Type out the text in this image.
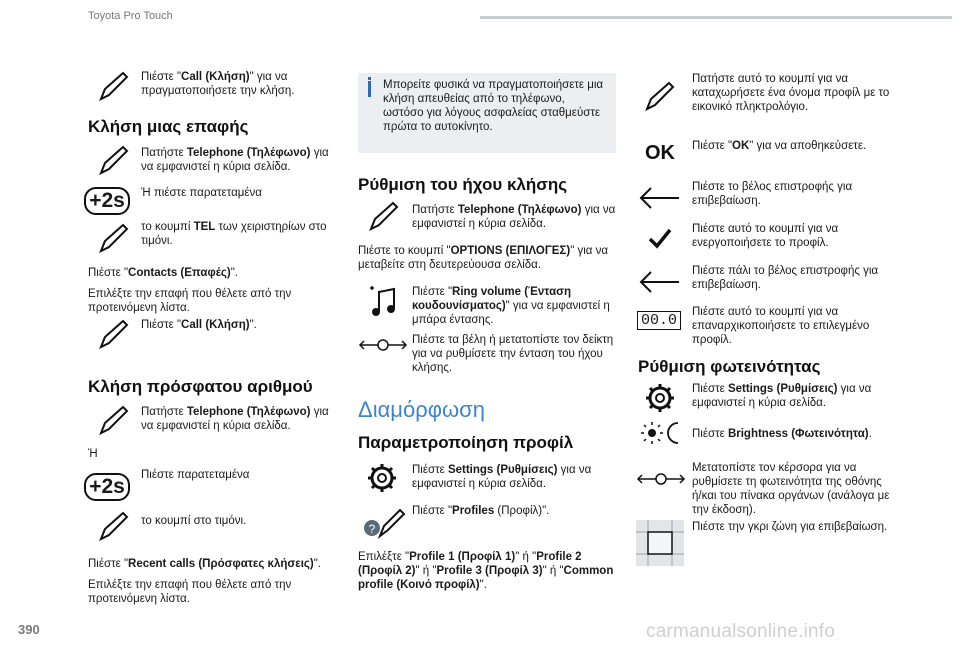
Toyota Pro Touch
Πιέστε "Call (Κλήση)" για να πραγματοποιήσετε την κλήση.
Κλήση μιας επαφής
Πατήστε Telephone (Τηλέφωνο) για να εμφανιστεί η κύρια σελίδα.
+2s	Ή πιέστε παρατεταμένα
το κουμπί TEL των χειριστηρίων στο τιμόνι.
Πιέστε "Contacts (Επαφές)".
Επιλέξτε την επαφή που θέλετε από την προτεινόμενη λίστα.
Πιέστε "Call (Κλήση)".
Κλήση πρόσφατου αριθμού
Πατήστε Telephone (Τηλέφωνο) για να εμφανιστεί η κύρια σελίδα.
Ή
+2s	Πιέστε παρατεταμένα
το κουμπί στο τιμόνι.
Πιέστε "Recent calls (Πρόσφατες κλήσεις)".
Επιλέξτε την επαφή που θέλετε από την προτεινόμενη λίστα.
Μπορείτε φυσικά να πραγματοποιήσετε μια κλήση απευθείας από το τηλέφωνο, ωστόσο για λόγους ασφαλείας σταθμεύστε πρώτα το αυτοκίνητο.
Ρύθμιση του ήχου κλήσης
Πατήστε Telephone (Τηλέφωνο) για να εμφανιστεί η κύρια σελίδα.
Πιέστε το κουμπί "OPTIONS (ΕΠΙΛΟΓΕΣ)" για να μεταβείτε στη δευτερεύουσα σελίδα.
Πιέστε "Ring volume (Ένταση κουδουνίσματος)" για να εμφανιστεί η μπάρα έντασης.
Πιέστε τα βέλη ή μετατοπίστε τον δείκτη για να ρυθμίσετε την ένταση του ήχου κλήσης.
Διαμόρφωση
Παραμετροποίηση προφίλ
Πιέστε Settings (Ρυθμίσεις) για να εμφανιστεί η κύρια σελίδα.
?
Πιέστε "Profiles (Προφίλ)".
Επιλέξτε "Profile 1 (Προφίλ 1)" ή "Profile 2 (Προφίλ 2)" ή "Profile 3 (Προφίλ 3)" ή "Common profile (Κοινό προφίλ)".
Πατήστε αυτό το κουμπί για να καταχωρήσετε ένα όνομα προφίλ με το εικονικό πληκτρολόγιο.
OK Πιέστε "OK" για να αποθηκεύσετε.
Πιέστε το βέλος επιστροφής για επιβεβαίωση.
Πιέστε αυτό το κουμπί για να ενεργοποιήσετε το προφίλ.
Πιέστε πάλι το βέλος επιστροφής για επιβεβαίωση.
00.0	Πιέστε αυτό το κουμπί για να επαναρχικοποιήσετε το επιλεγμένο προφίλ.
Ρύθμιση φωτεινότητας
Πιέστε Settings (Ρυθμίσεις) για να εμφανιστεί η κύρια σελίδα.
Πιέστε Brightness (Φωτεινότητα).
Μετατοπίστε τον κέρσορα για να ρυθμίσετε τη φωτεινότητα της οθόνης ή/και του πίνακα οργάνων (ανάλογα με την έκδοση).
Πιέστε την γκρι ζώνη για επιβεβαίωση.
390	carmanualsonline.info
